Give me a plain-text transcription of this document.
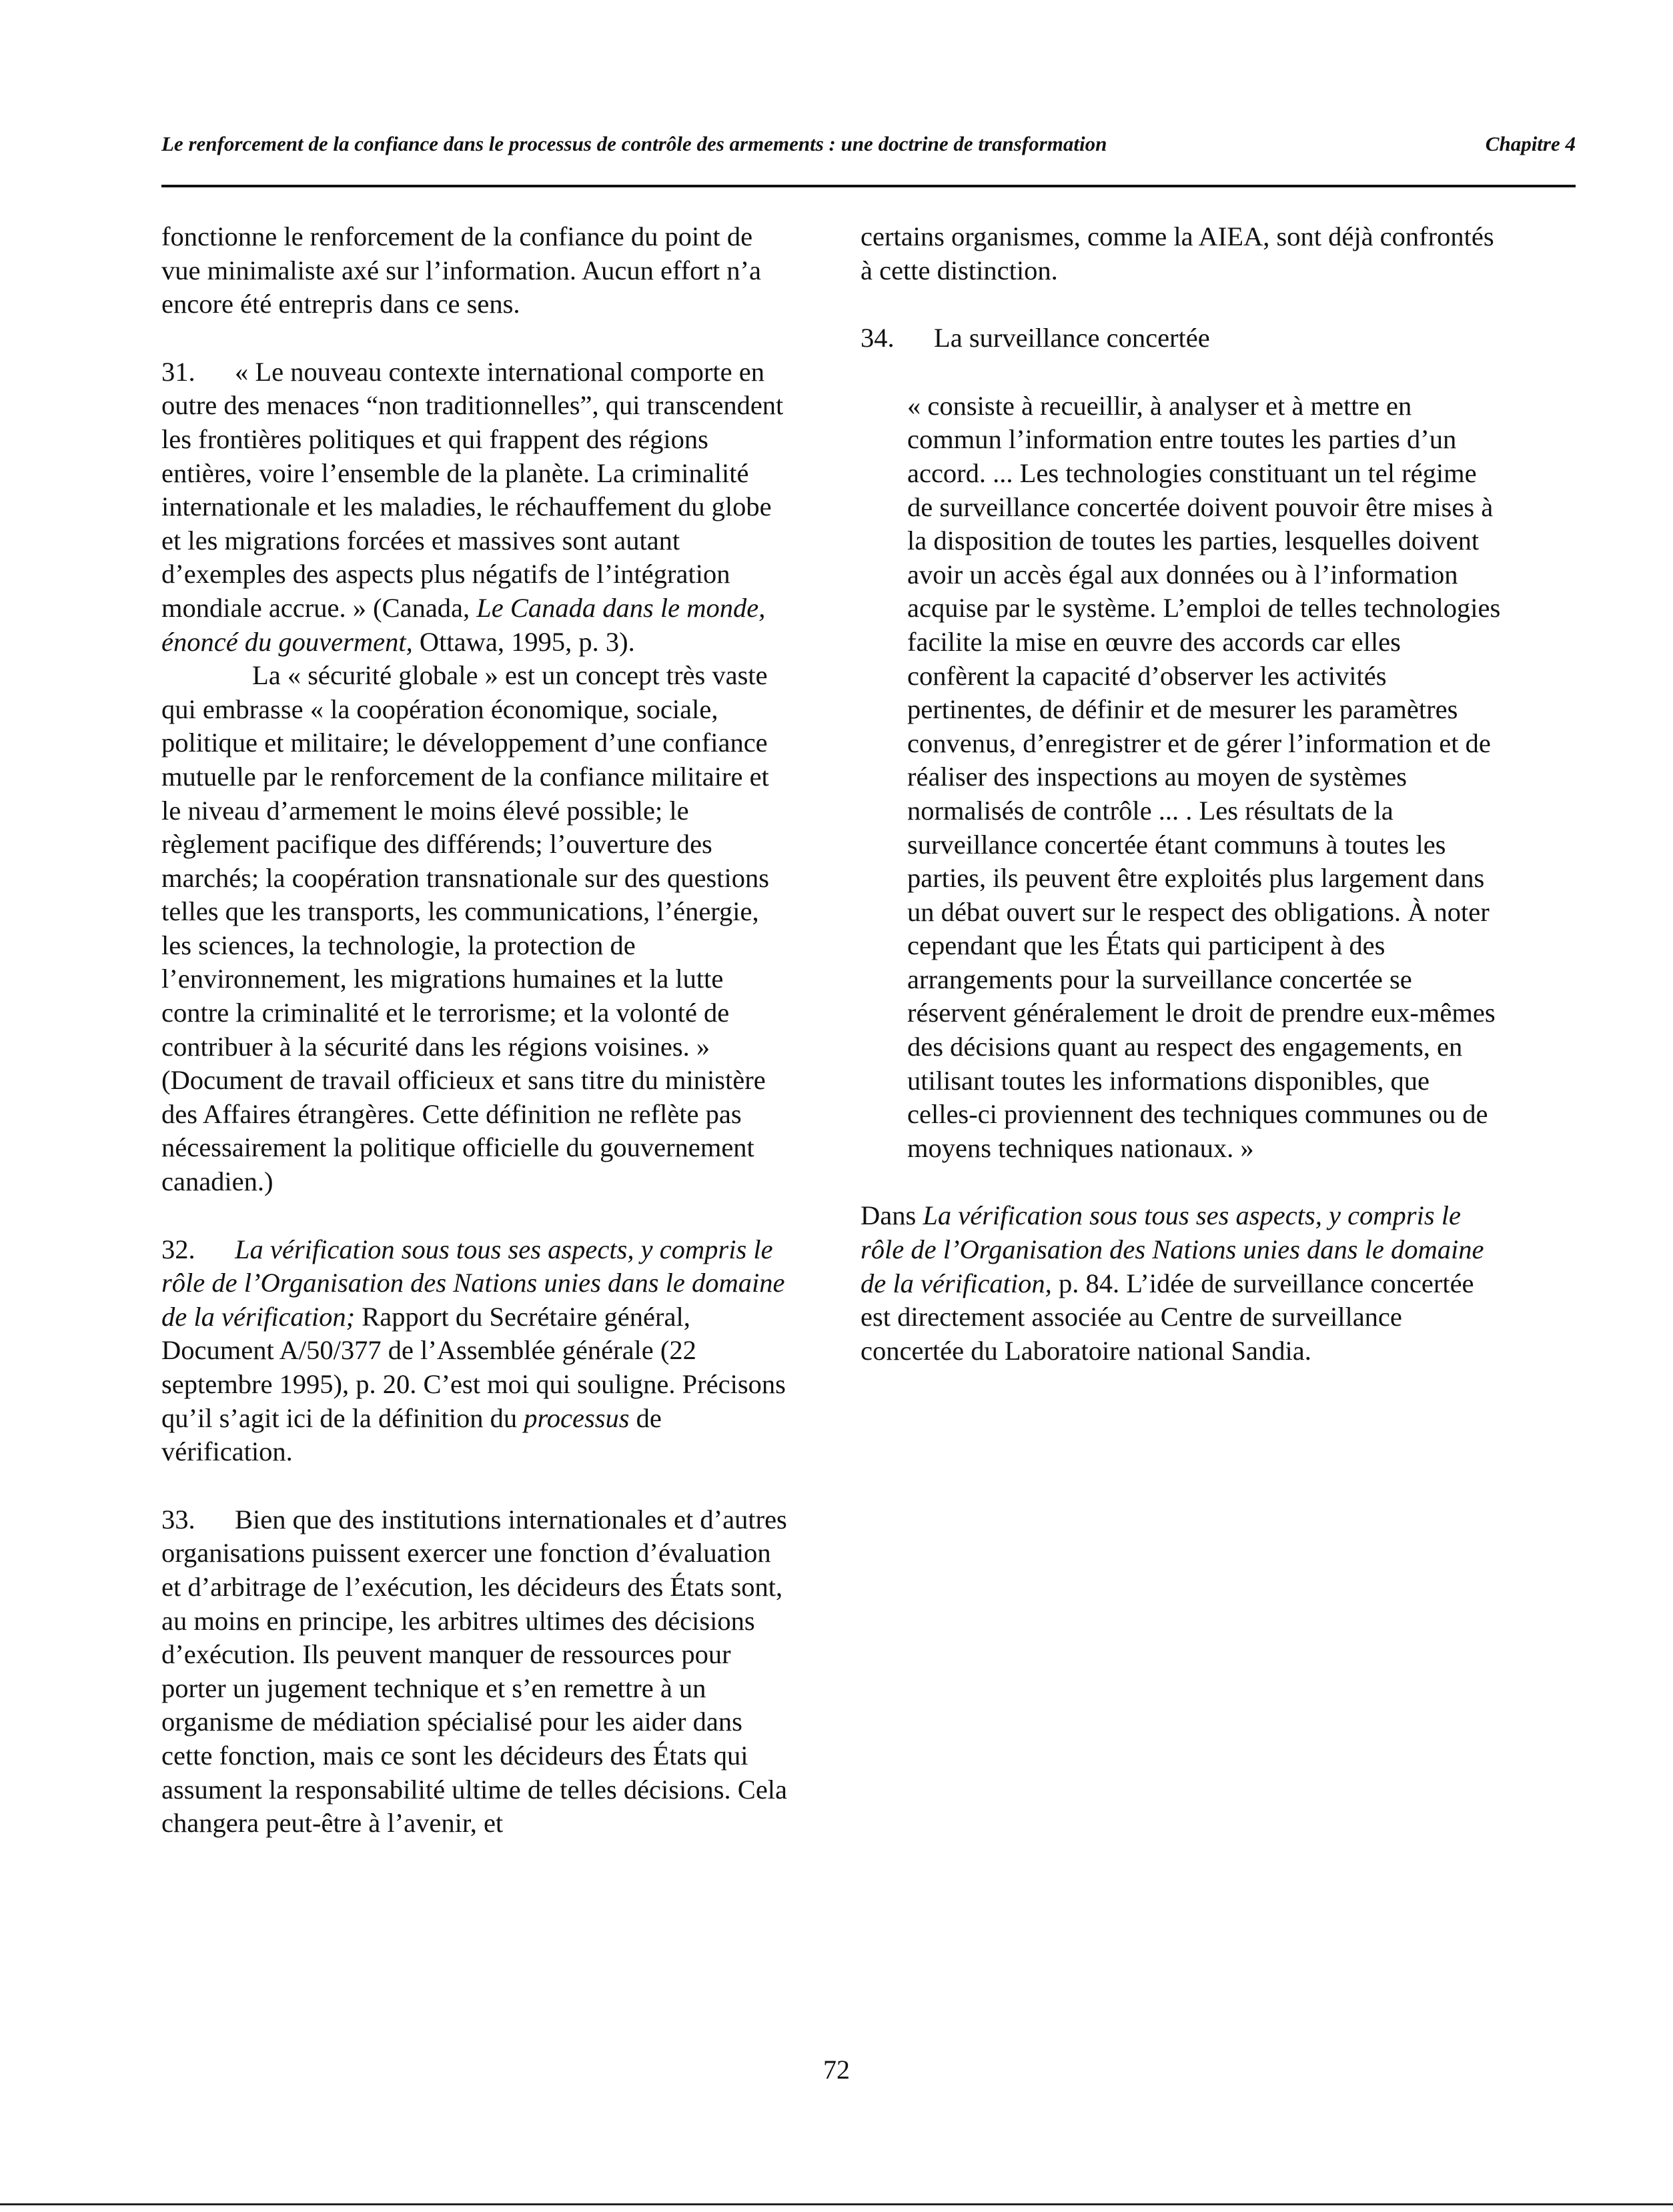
Le renforcement de la confiance dans le processus de contrôle des armements : une doctrine de transformation	Chapitre 4

fonctionne le renforcement de la confiance du point de vue minimaliste axé sur l’information. Aucun effort n’a encore été entrepris dans ce sens.

31. « Le nouveau contexte international comporte en outre des menaces “non traditionnelles”, qui transcendent les frontières politiques et qui frappent des régions entières, voire l’ensemble de la planète. La criminalité internationale et les maladies, le réchauffement du globe et les migrations forcées et massives sont autant d’exemples des aspects plus négatifs de l’intégration mondiale accrue. » (Canada, Le Canada dans le monde, énoncé du gouverment, Ottawa, 1995, p. 3).

La « sécurité globale » est un concept très vaste qui embrasse « la coopération économique, sociale, politique et militaire; le développement d’une confiance mutuelle par le renforcement de la confiance militaire et le niveau d’armement le moins élevé possible; le règlement pacifique des différends; l’ouverture des marchés; la coopération transnationale sur des questions telles que les transports, les communications, l’énergie, les sciences, la technologie, la protection de l’environnement, les migrations humaines et la lutte contre la criminalité et le terrorisme; et la volonté de contribuer à la sécurité dans les régions voisines. » (Document de travail officieux et sans titre du ministère des Affaires étrangères. Cette définition ne reflète pas nécessairement la politique officielle du gouvernement canadien.)

32. La vérification sous tous ses aspects, y compris le rôle de l’Organisation des Nations unies dans le domaine de la vérification; Rapport du Secrétaire général, Document A/50/377 de l’Assemblée générale (22 septembre 1995), p. 20. C’est moi qui souligne. Précisons qu’il s’agit ici de la définition du processus de vérification.

33. Bien que des institutions internationales et d’autres organisations puissent exercer une fonction d’évaluation et d’arbitrage de l’exécution, les décideurs des États sont, au moins en principe, les arbitres ultimes des décisions d’exécution. Ils peuvent manquer de ressources pour porter un jugement technique et s’en remettre à un organisme de médiation spécialisé pour les aider dans cette fonction, mais ce sont les décideurs des États qui assument la responsabilité ultime de telles décisions. Cela changera peut-être à l’avenir, et

certains organismes, comme la AIEA, sont déjà confrontés à cette distinction.

34. La surveillance concertée

« consiste à recueillir, à analyser et à mettre en commun l’information entre toutes les parties d’un accord. ... Les technologies constituant un tel régime de surveillance concertée doivent pouvoir être mises à la disposition de toutes les parties, lesquelles doivent avoir un accès égal aux données ou à l’information acquise par le système. L’emploi de telles technologies facilite la mise en œuvre des accords car elles confèrent la capacité d’observer les activités pertinentes, de définir et de mesurer les paramètres convenus, d’enregistrer et de gérer l’information et de réaliser des inspections au moyen de systèmes normalisés de contrôle ... . Les résultats de la surveillance concertée étant communs à toutes les parties, ils peuvent être exploités plus largement dans un débat ouvert sur le respect des obligations. À noter cependant que les États qui participent à des arrangements pour la surveillance concertée se réservent généralement le droit de prendre eux-mêmes des décisions quant au respect des engagements, en utilisant toutes les informations disponibles, que celles-ci proviennent des techniques communes ou de moyens techniques nationaux. »

Dans La vérification sous tous ses aspects, y compris le rôle de l’Organisation des Nations unies dans le domaine de la vérification, p. 84. L’idée de surveillance concertée est directement associée au Centre de surveillance concertée du Laboratoire national Sandia.

72
